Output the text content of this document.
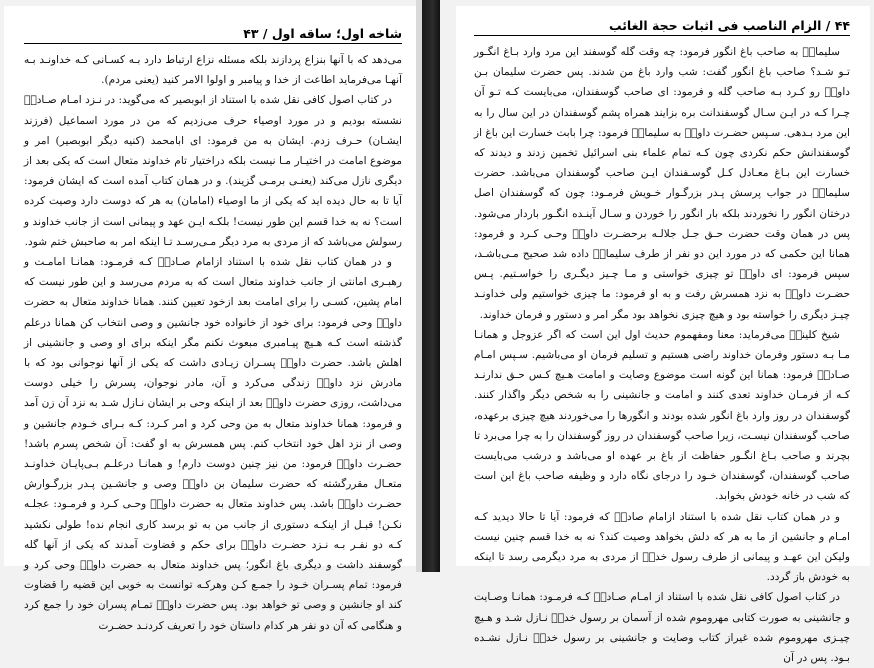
شاخه اول؛ ساقه اول / ۴۳

می‌دهد که با آنها بنزاع پردازند بلکه مسئله نزاع ارتباط دارد بـه کسـانی کـه خداونـد بـه آنهـا می‌فرماید اطاعت از خدا و پیامبر و اولوا الامر کنید (یعنی مردم).

در کتاب اصول کافی نقل شده با استناد از ابوبصیر که می‌گوید: در نـزد امـام صـادقؑ نشسته بودیم و در مورد اوصیاء حرف می‌زدیم که من در مورد اسماعیل (فرزند ایشـان) حـرف زدم. ایشان به من فرمود: ای ابامحمد (کنیه دیگر ابوبصیر) امر و موضوع امامت در اختیـار مـا نیست بلکه دراختیار تام خداوند متعال است که یکی بعد از دیگری نازل می‌کند (یعنـی برمـی گزیند). و در همان کتاب آمده است که ایشان فرمود: آیا تا به حال دیده اید که یکی از ما اوصیاء (امامان) به هر که دوست دارد وصیت کرده است؟ نه به خدا قسم این طور نیست! بلکـه ایـن عهد و پیمانی است از جانب خداوند و رسولش می‌باشد که از مردی به مرد دیگر مـی‌رسـد تـا اینکه امر به صاحبش ختم شود.

و در همان کتاب نقل شده با استناد ازامام صـادقؑ کـه فرمـود: همانـا امامـت و رهبـری امانتی از جانب خداوند متعال است که به مردم می‌رسد و این طور نیست که امام پشین، کسـی را برای امامت بعد ازخود تعیین کنند. همانا خداوند متعال به حضرت داودؑ وحی فرمود: برای خود از خانواده خود جانشین و وصی انتخاب کن همانا درعلم گذشته است کـه هـیچ پیـامبری مبعوث نکنم مگر اینکه برای او وصی و جانشینی از اهلش باشد. حضرت داودؑ پسـران زیـادی داشت که یکی از آنها نوجوانی بود که با مادرش نزد داودؑ زندگی می‌کرد و آن، مادر نوجوان، پسرش را خیلی دوست می‌داشت، روزی حضرت داودؑ بعد از اینکه وحی بر ایشان نـازل شـد به نزد آن زن آمد و فرمود: همانا خداوند متعال به من وحی کرد و امر کـرد: کـه بـرای خـودم جانشین و وصی از نزد اهل خود انتخاب کنم. پس همسرش به او گفت: آن شخص پسرم باشد! حضـرت داودؑ فرمود: من نیز چنین دوست دارم! و همانـا درعلـم بـی‌پایـان خداونـد متعـال مقررگشته که حضرت سلیمان بن داودؑ وصی و جانشـین پـدر بزرگـوارش حضـرت داودؑ باشد. پس خداوند متعال به حضرت داودؑ وحـی کـرد و فرمـود: عجلـه نکـن! قبـل از اینکـه دستوری از جانب من به تو برسد کاری انجام نده! طولی نکشید کـه دو نفـر بـه نـزد حضـرت داودؑ برای حکم و قضاوت آمدند که یکی از آنها گله گوسفند داشت و دیگری باغ انگور؛ پس خداوند متعال به حضرت داودؑ وحی کرد و فرمود: تمام پسـران خـود را جمـع کـن وهرکـه توانست به خوبی این قضیه را قضاوت کند او جانشین و وصی تو خواهد بود. پس حضرت داودؑ تمـام پسران خود را جمع کرد و هنگامی که آن دو نفر هر کدام داستان خود را تعریف کردنـد حضـرت

۴۴ / الزام الناصب فی اثبات حجة الغائب

سلیمانؑ به صاحب باغ انگور فرمود: چه وقت گله گوسفند این مرد وارد بـاغ انگـور تـو شـد؟ صاحب باغ انگور گفت: شب وارد باغ من شدند. پس حضرت سلیمان بـن داودؑ رو کـرد بـه صاحب گله و فرمود: ای صاحب گوسفندان، می‌بایست کـه تـو آن چـرا کـه در ایـن سـال گوسفندانت بره بزایند همراه پشم گوسفندان در این سال را به این مرد بـدهی. سـپس حضـرت داودؑ به سلیمانؑ فرمود: چرا بابت خسارت این باغ از گوسفندانش حکم نکردی چون کـه تمام علماء بنی اسرائیل تخمین زدند و دیدند که خسارت این بـاغ معـادل کـل گوسـفندان ایـن صاحب گوسفندان می‌باشد. حضرت سلیمانؑ در جواب پرسش پـدر بزرگـوار خـویش فرمـود: چون که گوسفندان اصل درختان انگور را نخوردند بلکه بار انگور را خوردن و سـال آینـده انگـور باردار می‌شود. پس در همان وقت حضرت حـق جـل جلالـه برحضـرت داودؑ وحـی کـرد و فرمود: همانا این حکمی که در مورد این دو نفر از طرف سلیمانؑ داده شد صحیح مـی‌باشـد، سپس فرمود: ای داودؑ تو چیزی خواستی و مـا چـیز دیگـری را خواسـتیم. پـس حضـرت داودؑ به نزد همسرش رفت و به او فرمود: ما چیزی خواستیم ولی خداونـد چیـز دیگری را خواسته بود و هیچ چیزی نخواهد بود مگر امر و دستور و فرمان خداوند.

شیخ کلینیؒ می‌فرماید: معنا ومفهموم حدیث اول این است که اگر عزوجل و همانـا مـا بـه دستور وفرمان خداوند راضی هستیم و تسلیم فرمان او می‌باشیم. سـپس امـام صـادقؑ فرمود: همانا این گونه است موضوع وصایت و امامت هـیچ کـس حـق ندارنـد کـه از فرمـان خداوند تعدی کنند و امامت و جانشینی را به شخص دیگر واگذار کنند. گوسفندان در روز وارد باغ انگور شده بودند و انگورها را می‌خوردند هیچ چیزی برعهده، صاحب گوسفندان نیسـت، زیرا صاحب گوسفندان در روز گوسفندان را به چرا می‌برد تا بچرند و صاحب بـاغ انگـور حفاظت از باغ بر عهده او می‌باشد و درشب می‌بایست صاحب گوسفندان، گوسفندان خـود را درجای نگاه دارد و وظیفه صاحب باغ این است که شب در خانه خودش بخوابد.

و در همان کتاب نقل شده با استناد ازامام صادقؑ که فرمود: آیا تا حالا دیدید کـه امـام و جانشین از ما به هر که دلش بخواهد وصیت کند؟ نه به خدا قسم چنین نیست ولیکن این عهـد و پیمانی از طرف رسول خداؐ از مردی به مرد دیگرمی رسد تا اینکه به خودش باز گردد.

در کتاب اصول کافی نقل شده با استناد از امـام صـادقؑ کـه فرمـود: همانـا وصـایت و جانشینی به صورت کتابی مهروموم شده از آسمان بر رسول خداؐ نـازل شـد و هـیچ چیـزی مهروموم شده غیراز کتاب وصایت و جانشینی بر رسول خداؐ نـازل نشـده بـود. پس در آن
